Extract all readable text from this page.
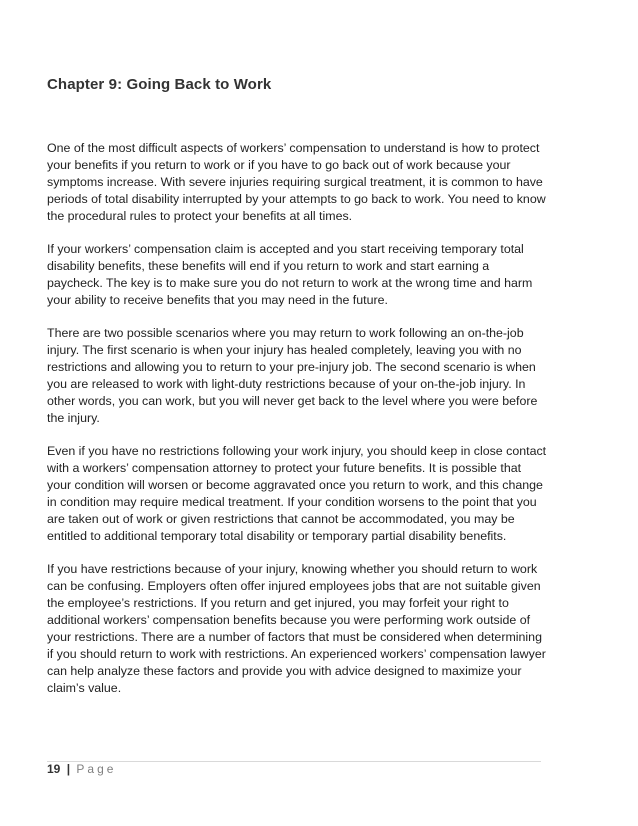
Chapter 9: Going Back to Work

One of the most difficult aspects of workers’ compensation to understand is how to protect your benefits if you return to work or if you have to go back out of work because your symptoms increase. With severe injuries requiring surgical treatment, it is common to have periods of total disability interrupted by your attempts to go back to work. You need to know the procedural rules to protect your benefits at all times.

If your workers’ compensation claim is accepted and you start receiving temporary total disability benefits, these benefits will end if you return to work and start earning a paycheck. The key is to make sure you do not return to work at the wrong time and harm your ability to receive benefits that you may need in the future.

There are two possible scenarios where you may return to work following an on-the-job injury. The first scenario is when your injury has healed completely, leaving you with no restrictions and allowing you to return to your pre-injury job. The second scenario is when you are released to work with light-duty restrictions because of your on-the-job injury. In other words, you can work, but you will never get back to the level where you were before the injury.

Even if you have no restrictions following your work injury, you should keep in close contact with a workers’ compensation attorney to protect your future benefits. It is possible that your condition will worsen or become aggravated once you return to work, and this change in condition may require medical treatment. If your condition worsens to the point that you are taken out of work or given restrictions that cannot be accommodated, you may be entitled to additional temporary total disability or temporary partial disability benefits.

If you have restrictions because of your injury, knowing whether you should return to work can be confusing. Employers often offer injured employees jobs that are not suitable given the employee’s restrictions. If you return and get injured, you may forfeit your right to additional workers’ compensation benefits because you were performing work outside of your restrictions. There are a number of factors that must be considered when determining if you should return to work with restrictions. An experienced workers’ compensation lawyer can help analyze these factors and provide you with advice designed to maximize your claim’s value.

19 | Page
